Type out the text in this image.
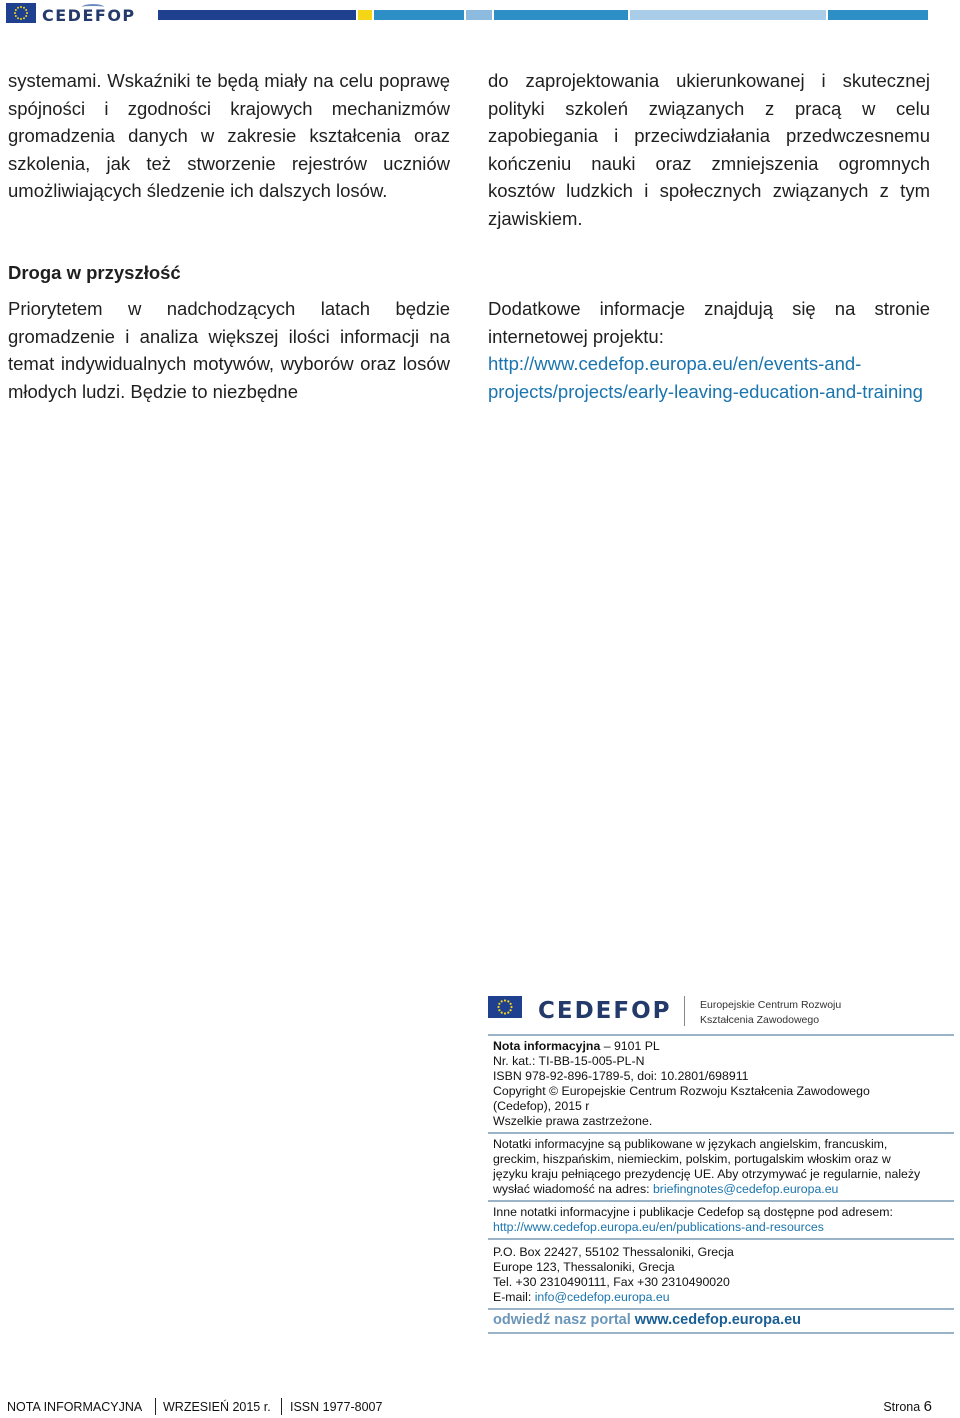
CEDEFOP

systemami. Wskaźniki te będą miały na celu poprawę spójności i zgodności krajowych mechanizmów gromadzenia danych w zakresie kształcenia oraz szkolenia, jak też stworzenie rejestrów uczniów umożliwiających śledzenie ich dalszych losów.

Droga w przyszłość

Priorytetem w nadchodzących latach będzie gromadzenie i analiza większej ilości informacji na temat indywidualnych motywów, wyborów oraz losów młodych ludzi. Będzie to niezbędne

do zaprojektowania ukierunkowanej i skutecznej polityki szkoleń związanych z pracą w celu zapobiegania i przeciwdziałania przedwczesnemu kończeniu nauki oraz zmniejszenia ogromnych kosztów ludzkich i społecznych związanych z tym zjawiskiem.

Dodatkowe informacje znajdują się na stronie internetowej projektu:

http://www.cedefop.europa.eu/en/events-and-
projects/projects/early-leaving-education-and-training
CEDEFOP	Europejskie Centrum Rozwoju
Kształcenia Zawodowego
Nota informacyjna – 9101 PL
Nr. kat.: TI-BB-15-005-PL-N
ISBN 978-92-896-1789-5, doi: 10.2801/698911
Copyright © Europejskie Centrum Rozwoju Kształcenia Zawodowego
(Cedefop), 2015 r
Wszelkie prawa zastrzeżone.
Notatki informacyjne są publikowane w językach angielskim, francuskim,
greckim, hiszpańskim, niemieckim, polskim, portugalskim włoskim oraz w
języku kraju pełniącego prezydencję UE. Aby otrzymywać je regularnie, należy
wysłać wiadomość na adres: briefingnotes@cedefop.europa.eu
Inne notatki informacyjne i publikacje Cedefop są dostępne pod adresem:
http://www.cedefop.europa.eu/en/publications-and-resources
P.O. Box 22427, 55102 Thessaloniki, Grecja
Europe 123, Thessaloniki, Grecja
Tel. +30 2310490111, Fax +30 2310490020
E-mail: info@cedefop.europa.eu
odwiedź nasz portal www.cedefop.europa.eu
NOTA INFORMACYJNA WRZESIEŃ 2015 r. ISSN 1977-8007	Strona 6
